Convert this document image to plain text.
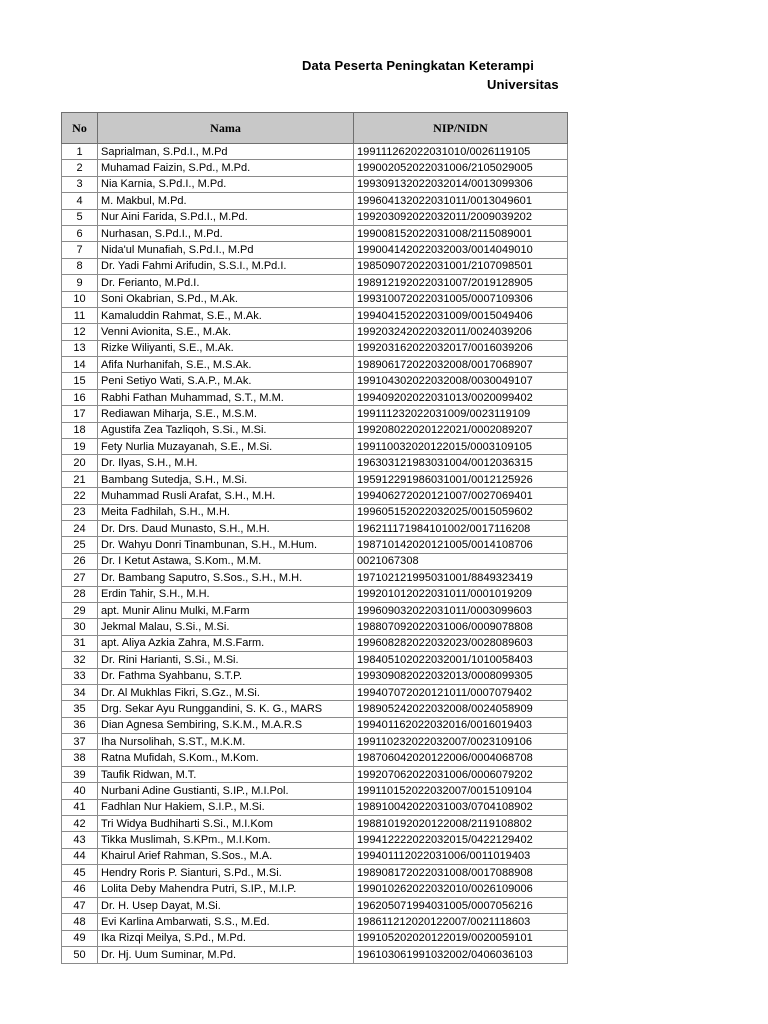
Data Peserta Peningkatan Keterampi
Universitas
No	Nama	NIP/NIDN
1	Saprialman, S.Pd.I., M.Pd	199111262022031010/0026119105
2	Muhamad Faizin, S.Pd., M.Pd.	199002052022031006/2105029005
3	Nia Karnia, S.Pd.I., M.Pd.	199309132022032014/0013099306
4	M. Makbul, M.Pd.	199604132022031011/0013049601
5	Nur Aini Farida, S.Pd.I., M.Pd.	199203092022032011/2009039202
6	Nurhasan, S.Pd.I., M.Pd.	199008152022031008/2115089001
7	Nida'ul Munafiah, S.Pd.I., M.Pd	199004142022032003/0014049010
8	Dr. Yadi Fahmi Arifudin, S.S.I., M.Pd.I.	198509072022031001/2107098501
9	Dr. Ferianto, M.Pd.I.	198912192022031007/2019128905
10	Soni Okabrian, S.Pd., M.Ak.	199310072022031005/0007109306
11	Kamaluddin Rahmat, S.E., M.Ak.	199404152022031009/0015049406
12	Venni Avionita, S.E., M.Ak.	199203242022032011/0024039206
13	Rizke Wiliyanti, S.E., M.Ak.	199203162022032017/0016039206
14	Afifa Nurhanifah, S.E., M.S.Ak.	198906172022032008/0017068907
15	Peni Setiyo Wati, S.A.P., M.Ak.	199104302022032008/0030049107
16	Rabhi Fathan Muhammad, S.T., M.M.	199409202022031013/0020099402
17	Rediawan Miharja, S.E., M.S.M.	199111232022031009/0023119109
18	Agustifa Zea Tazliqoh, S.Si., M.Si.	199208022020122021/0002089207
19	Fety Nurlia Muzayanah, S.E., M.Si.	199110032020122015/0003109105
20	Dr. Ilyas, S.H., M.H.	196303121983031004/0012036315
21	Bambang Sutedja, S.H., M.Si.	195912291986031001/0012125926
22	Muhammad Rusli Arafat, S.H., M.H.	199406272020121007/0027069401
23	Meita Fadhilah, S.H., M.H.	199605152022032025/0015059602
24	Dr. Drs. Daud Munasto, S.H., M.H.	196211171984101002/0017116208
25	Dr. Wahyu Donri Tinambunan, S.H., M.Hum.	198710142020121005/0014108706
26	Dr. I Ketut Astawa, S.Kom., M.M.	0021067308
27	Dr. Bambang Saputro, S.Sos., S.H., M.H.	197102121995031001/8849323419
28	Erdin Tahir, S.H., M.H.	199201012022031011/0001019209
29	apt. Munir Alinu Mulki, M.Farm	199609032022031011/0003099603
30	Jekmal Malau, S.Si., M.Si.	198807092022031006/0009078808
31	apt. Aliya Azkia Zahra, M.S.Farm.	199608282022032023/0028089603
32	Dr. Rini Harianti, S.Si., M.Si.	198405102022032001/1010058403
33	Dr. Fathma Syahbanu, S.T.P.	199309082022032013/0008099305
34	Dr. Al Mukhlas Fikri, S.Gz., M.Si.	199407072020121011/0007079402
35	Drg. Sekar Ayu Runggandini, S. K. G., MARS	198905242022032008/0024058909
36	Dian Agnesa Sembiring, S.K.M., M.A.R.S	199401162022032016/0016019403
37	Iha Nursolihah, S.ST., M.K.M.	199110232022032007/0023109106
38	Ratna Mufidah, S.Kom., M.Kom.	198706042020122006/0004068708
39	Taufik Ridwan, M.T.	199207062022031006/0006079202
40	Nurbani Adine Gustianti, S.IP., M.I.Pol.	199110152022032007/0015109104
41	Fadhlan Nur Hakiem, S.I.P., M.Si.	198910042022031003/0704108902
42	Tri Widya Budhiharti S.Si., M.I.Kom	198810192020122008/2119108802
43	Tikka Muslimah, S.KPm., M.I.Kom.	199412222022032015/0422129402
44	Khairul Arief Rahman, S.Sos., M.A.	199401112022031006/0011019403
45	Hendry Roris P. Sianturi, S.Pd., M.Si.	198908172022031008/0017088908
46	Lolita Deby Mahendra Putri, S.IP., M.I.P.	199010262022032010/0026109006
47	Dr. H. Usep Dayat, M.Si.	196205071994031005/0007056216
48	Evi Karlina Ambarwati, S.S., M.Ed.	198611212020122007/0021118603
49	Ika Rizqi Meilya, S.Pd., M.Pd.	199105202020122019/0020059101
50	Dr. Hj. Uum Suminar, M.Pd.	196103061991032002/0406036103
